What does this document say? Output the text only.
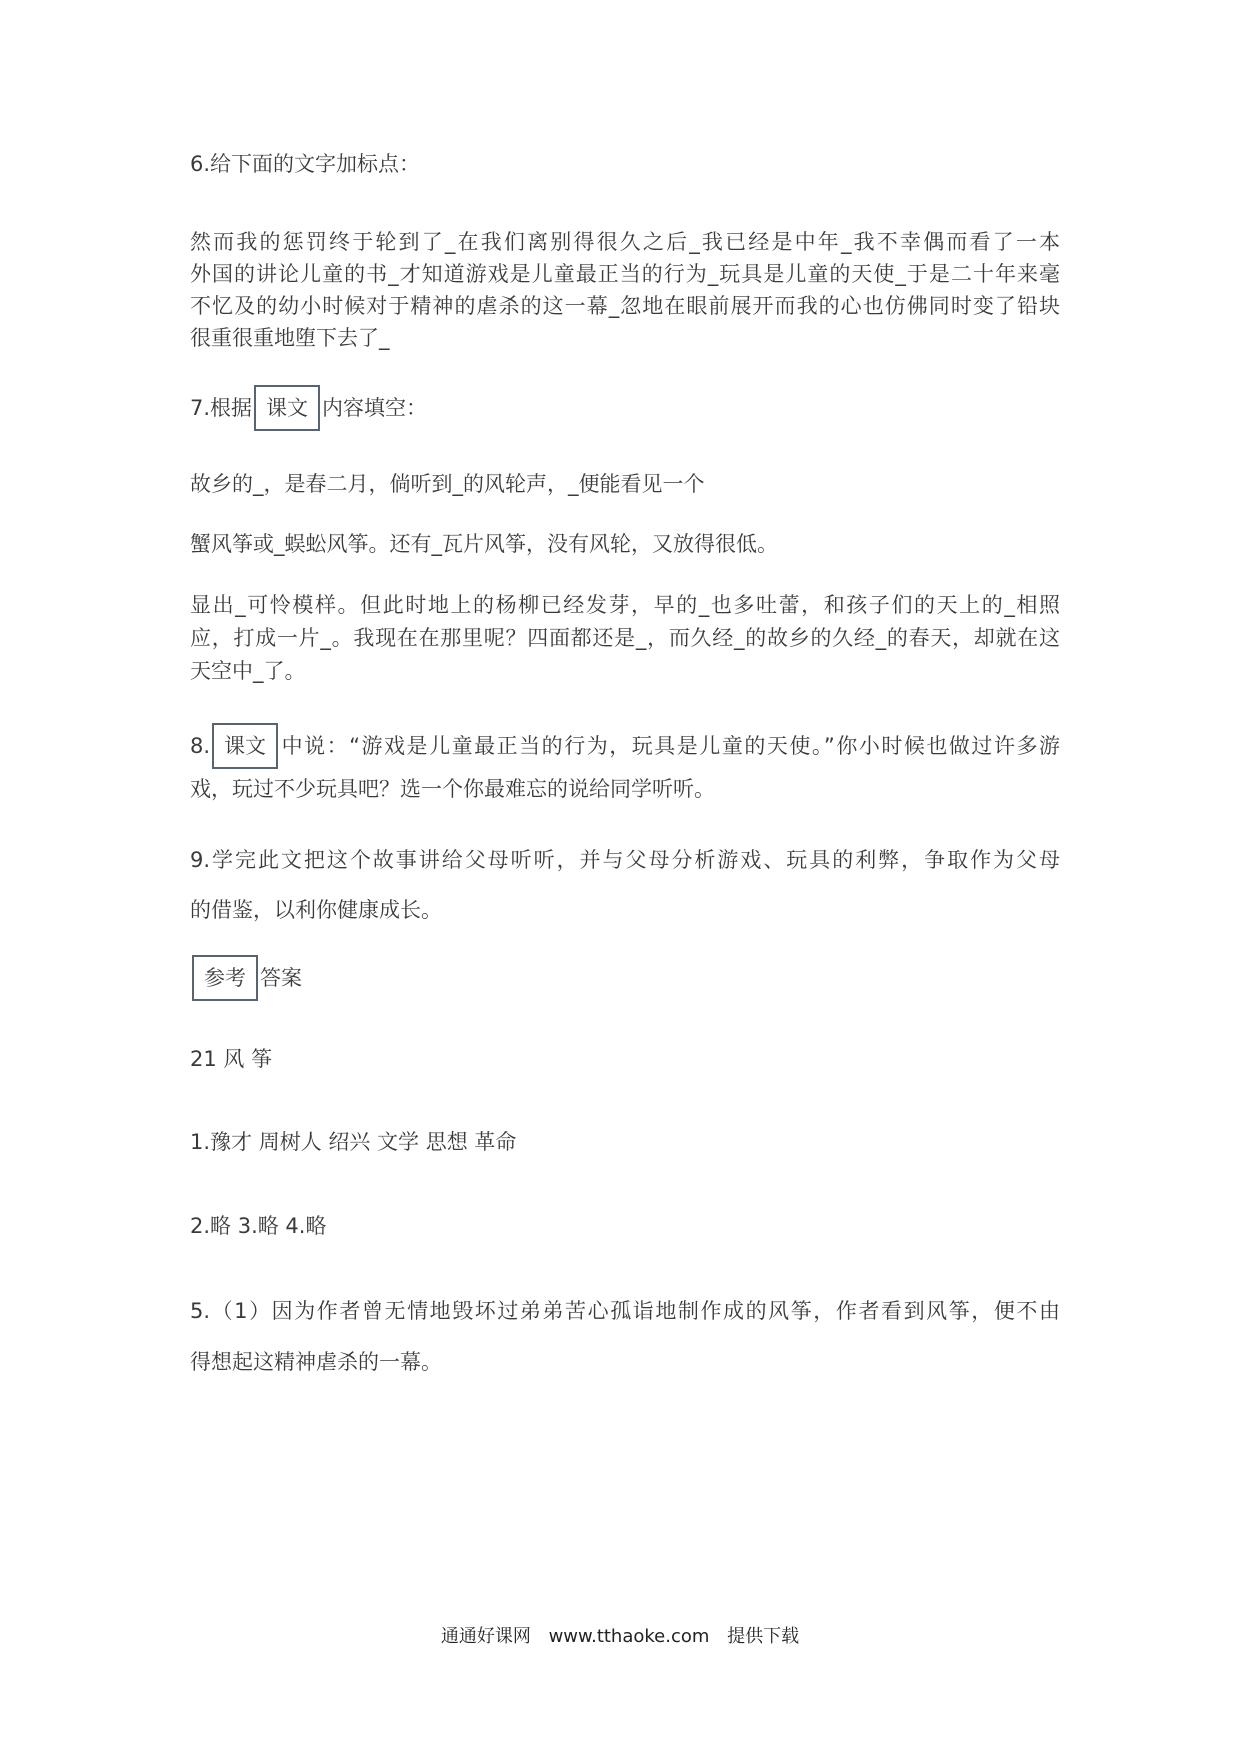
6.给下面的文字加标点：

然而我的惩罚终于轮到了_在我们离别得很久之后_我已经是中年_我不幸偶而看了一本

外国的讲论儿童的书_才知道游戏是儿童最正当的行为_玩具是儿童的天使_于是二十年来毫

不忆及的幼小时候对于精神的虐杀的这一幕_忽地在眼前展开而我的心也仿佛同时变了铅块

很重很重地堕下去了_

7.根据 课文 内容填空：

故乡的_，是春二月，倘听到_的风轮声，_便能看见一个

蟹风筝或_蜈蚣风筝。还有_瓦片风筝，没有风轮，又放得很低。

显出_可怜模样。但此时地上的杨柳已经发芽，早的_也多吐蕾，和孩子们的天上的_相照

应，打成一片_。我现在在那里呢？四面都还是_，而久经_的故乡的久经_的春天，却就在这

天空中_了。

8. 课文 中说：“游戏是儿童最正当的行为，玩具是儿童的天使。”你小时候也做过许多游

戏，玩过不少玩具吧？选一个你最难忘的说给同学听听。

9.学完此文把这个故事讲给父母听听，并与父母分析游戏、玩具的利弊，争取作为父母

的借鉴，以利你健康成长。

参考 答案

21 风 筝

1.豫才 周树人 绍兴 文学 思想 革命

2.略 3.略 4.略

5.（1）因为作者曾无情地毁坏过弟弟苦心孤诣地制作成的风筝，作者看到风筝，便不由

得想起这精神虐杀的一幕。

通通好课网 www.tthaoke.com 提供下载
